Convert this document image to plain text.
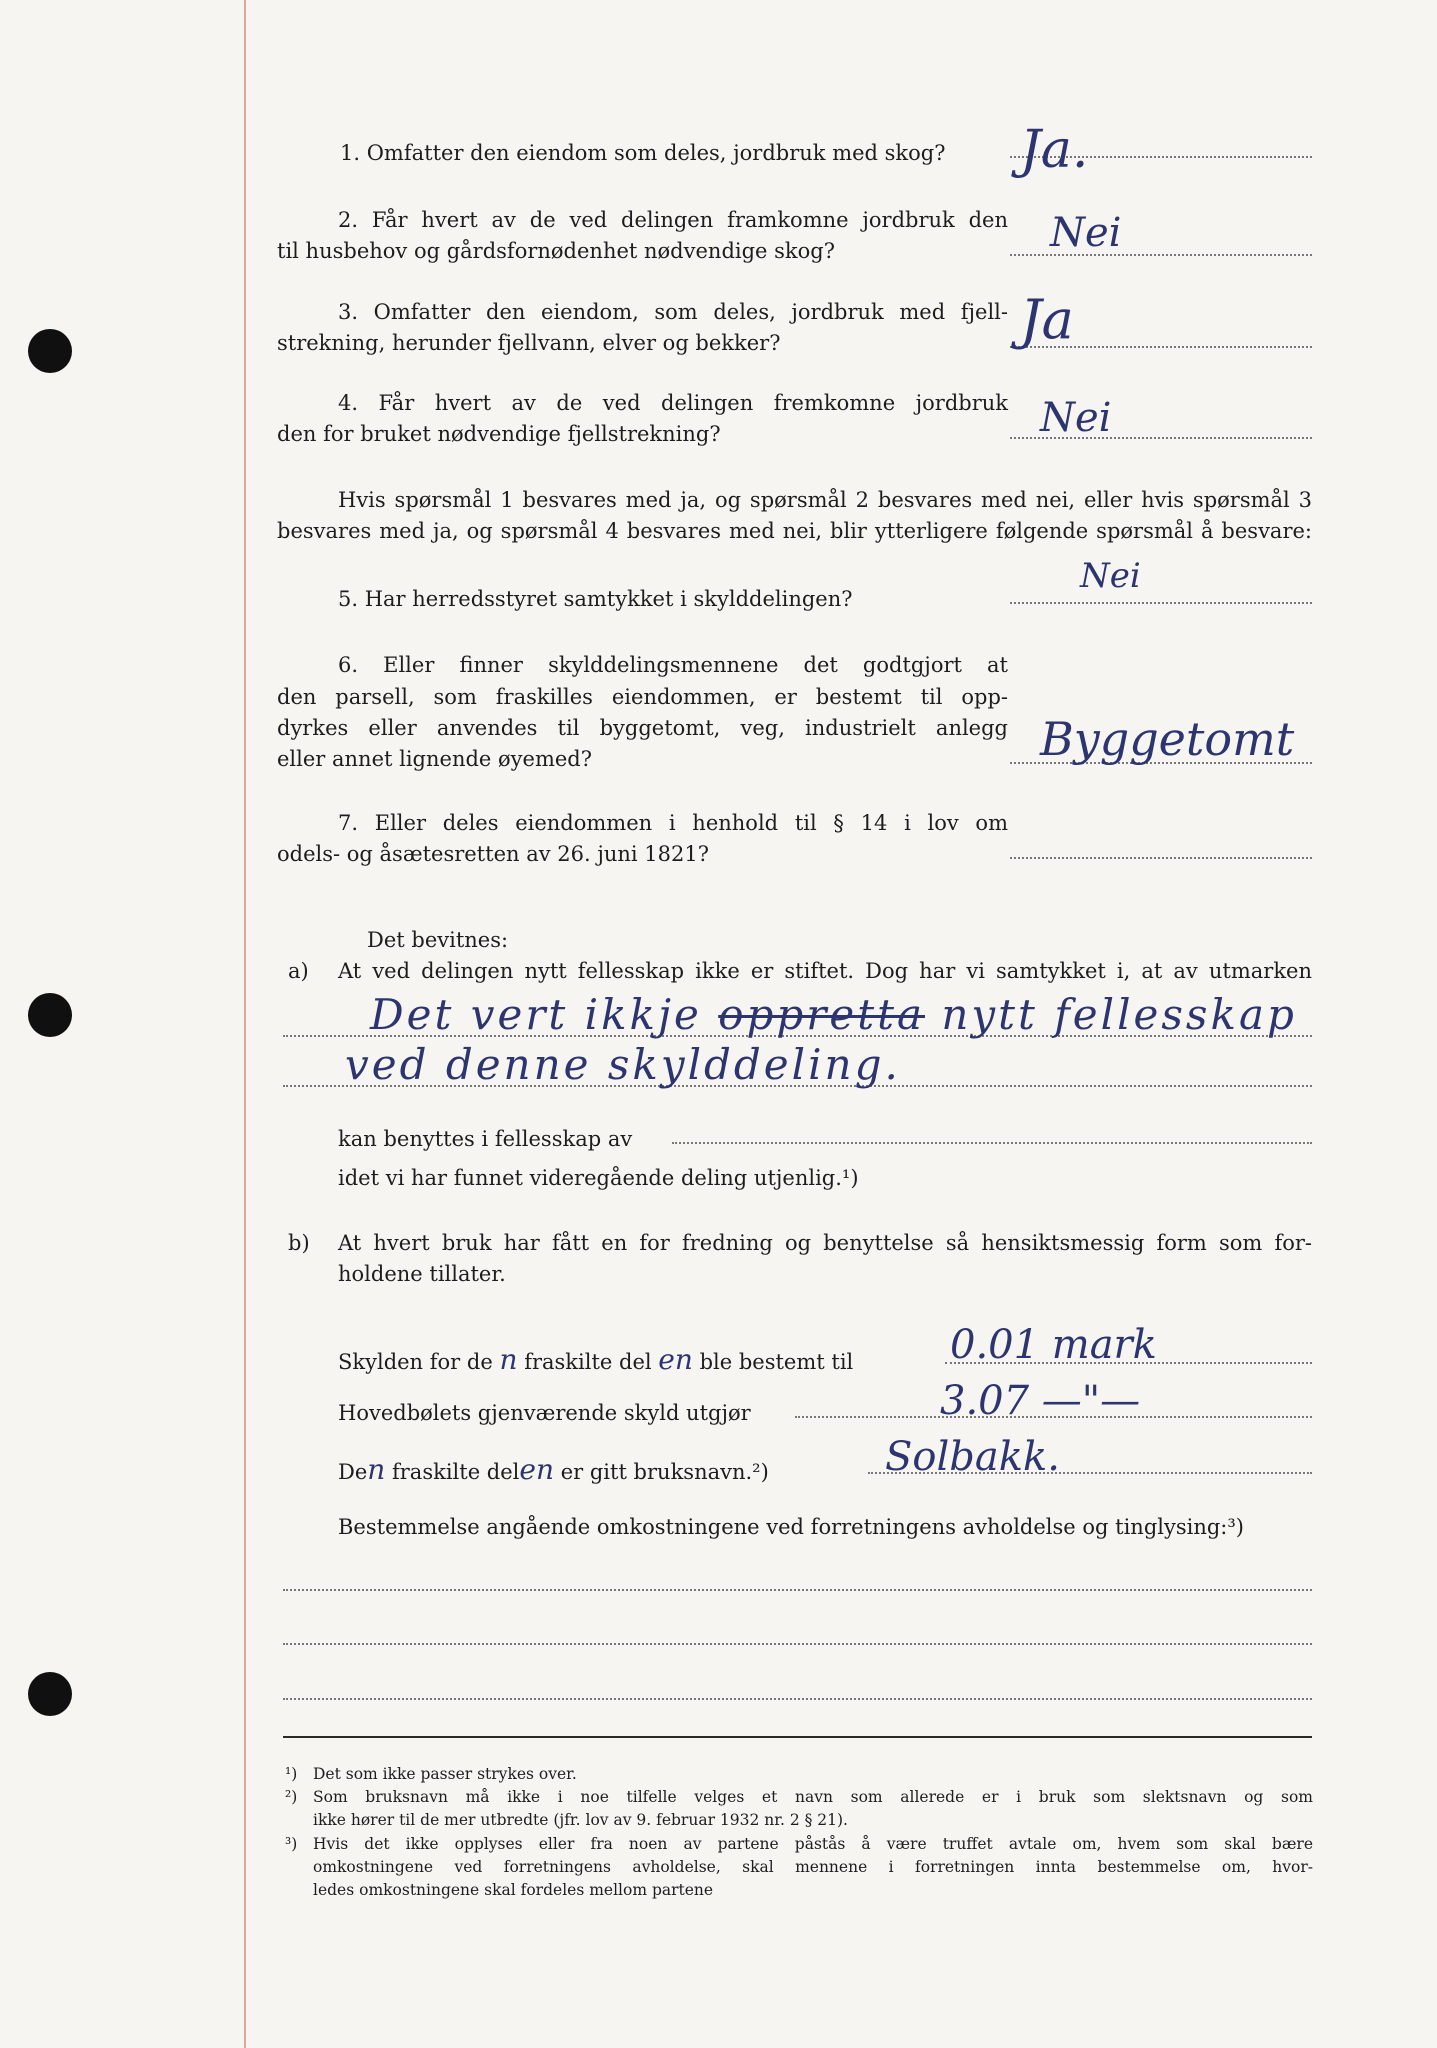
1. Omfatter den eiendom som deles, jordbruk med skog? Ja.
2. Får hvert av de ved delingen framkomne jordbruk den
til husbehov og gårdsfornødenhet nødvendige skog?	Nei
3. Omfatter den eiendom, som deles, jordbruk med fjell-
strekning, herunder fjellvann, elver og bekker?	Ja
4. Får hvert av de ved delingen fremkomne jordbruk
den for bruket nødvendige fjellstrekning?	Nei
Hvis spørsmål 1 besvares med ja, og spørsmål 2 besvares med nei, eller hvis spørsmål 3
besvares med ja, og spørsmål 4 besvares med nei, blir ytterligere følgende spørsmål å besvare:
5. Har herredsstyret samtykket i skylddelingen?
Nei
6. Eller finner skylddelingsmennene det godtgjort at
den parsell, som fraskilles eiendommen, er bestemt til opp-
dyrkes eller anvendes til byggetomt, veg, industrielt anlegg
eller annet lignende øyemed?	Byggetomt
7. Eller deles eiendommen i henhold til § 14 i lov om
odels- og åsætesretten av 26. juni 1821?
Det bevitnes:
a) At ved delingen nytt fellesskap ikke er stiftet. Dog har vi samtykket i, at av utmarken
Det vert ikkje oppretta nytt fellesskap
ved denne skylddeling.
kan benyttes i fellesskap av
idet vi har funnet videregående deling utjenlig.¹)
b) At hvert bruk har fått en for fredning og benyttelse så hensiktsmessig form som for-
holdene tillater.
Skylden for de n fraskilte del en ble bestemt til 0.01 mark
Hovedbølets gjenværende skyld utgjør	3.07 —"—
Den fraskilte delen er gitt bruksnavn.²)	Solbakk.
Bestemmelse angående omkostningene ved forretningens avholdelse og tinglysing:³)
¹) Det som ikke passer strykes over.
²) Som bruksnavn må ikke i noe tilfelle velges et navn som allerede er i bruk som slektsnavn og som
ikke hører til de mer utbredte (jfr. lov av 9. februar 1932 nr. 2 § 21).
³) Hvis det ikke opplyses eller fra noen av partene påstås å være truffet avtale om, hvem som skal bære
omkostningene ved forretningens avholdelse, skal mennene i forretningen innta bestemmelse om, hvor-
ledes omkostningene skal fordeles mellom partene
